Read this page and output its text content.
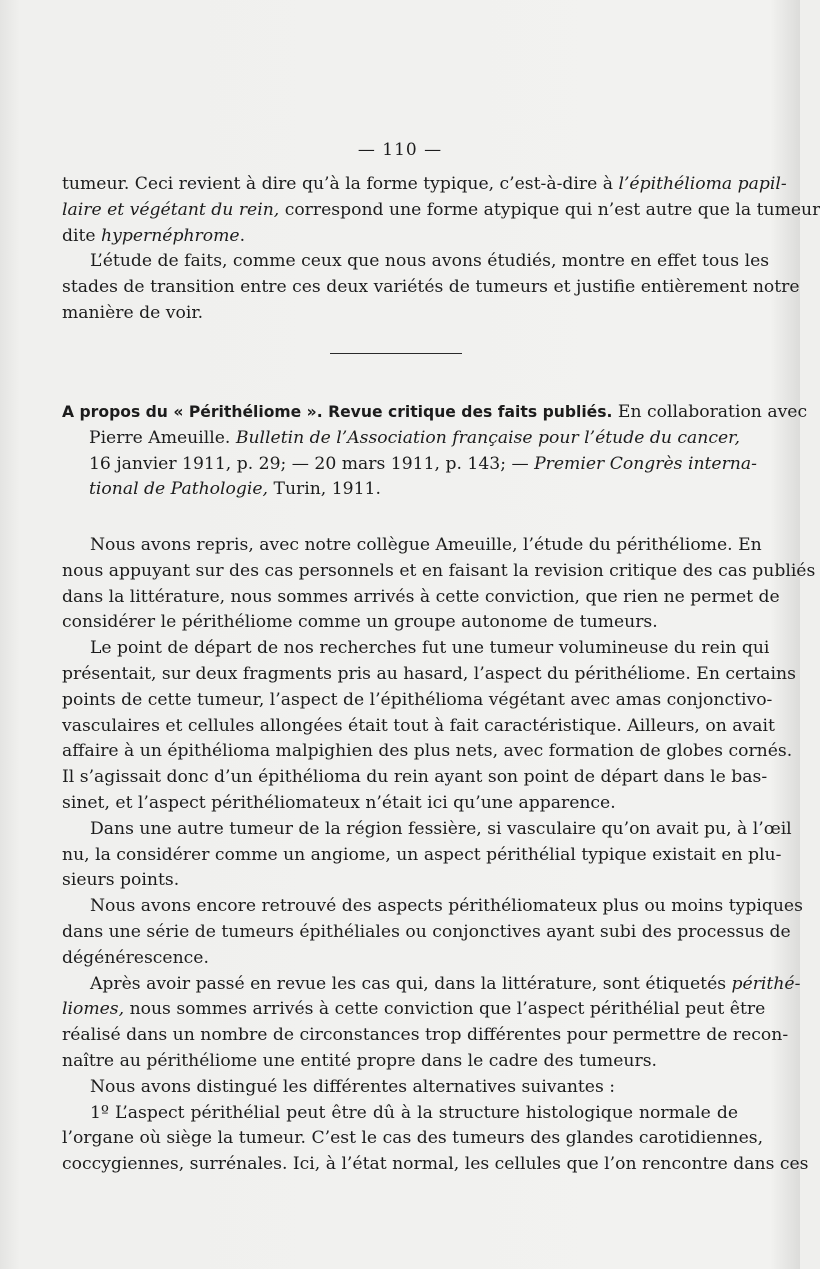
— 110 —
tumeur. Ceci revient à dire qu’à la forme typique, c’est-à-dire à l’épithélioma papil-
laire et végétant du rein, correspond une forme atypique qui n’est autre que la tumeur
dite hypernéphrome.
L’étude de faits, comme ceux que nous avons étudiés, montre en effet tous les
stades de transition entre ces deux variétés de tumeurs et justifie entièrement notre
manière de voir.
A propos du « Périthéliome ». Revue critique des faits publiés. En collaboration avec
Pierre Ameuille. Bulletin de l’Association française pour l’étude du cancer,
16 janvier 1911, p. 29; — 20 mars 1911, p. 143; — Premier Congrès interna-
tional de Pathologie, Turin, 1911.
Nous avons repris, avec notre collègue Ameuille, l’étude du périthéliome. En
nous appuyant sur des cas personnels et en faisant la revision critique des cas publiés
dans la littérature, nous sommes arrivés à cette conviction, que rien ne permet de
considérer le périthéliome comme un groupe autonome de tumeurs.
Le point de départ de nos recherches fut une tumeur volumineuse du rein qui
présentait, sur deux fragments pris au hasard, l’aspect du périthéliome. En certains
points de cette tumeur, l’aspect de l’épithélioma végétant avec amas conjonctivo-
vasculaires et cellules allongées était tout à fait caractéristique. Ailleurs, on avait
affaire à un épithélioma malpighien des plus nets, avec formation de globes cornés.
Il s’agissait donc d’un épithélioma du rein ayant son point de départ dans le bas-
sinet, et l’aspect périthéliomateux n’était ici qu’une apparence.
Dans une autre tumeur de la région fessière, si vasculaire qu’on avait pu, à l’œil
nu, la considérer comme un angiome, un aspect périthélial typique existait en plu-
sieurs points.
Nous avons encore retrouvé des aspects périthéliomateux plus ou moins typiques
dans une série de tumeurs épithéliales ou conjonctives ayant subi des processus de
dégénérescence.
Après avoir passé en revue les cas qui, dans la littérature, sont étiquetés périthé-
liomes, nous sommes arrivés à cette conviction que l’aspect périthélial peut être
réalisé dans un nombre de circonstances trop différentes pour permettre de recon-
naître au périthéliome une entité propre dans le cadre des tumeurs.
Nous avons distingué les différentes alternatives suivantes :
1º L’aspect périthélial peut être dû à la structure histologique normale de
l’organe où siège la tumeur. C’est le cas des tumeurs des glandes carotidiennes,
coccygiennes, surrénales. Ici, à l’état normal, les cellules que l’on rencontre dans ces
